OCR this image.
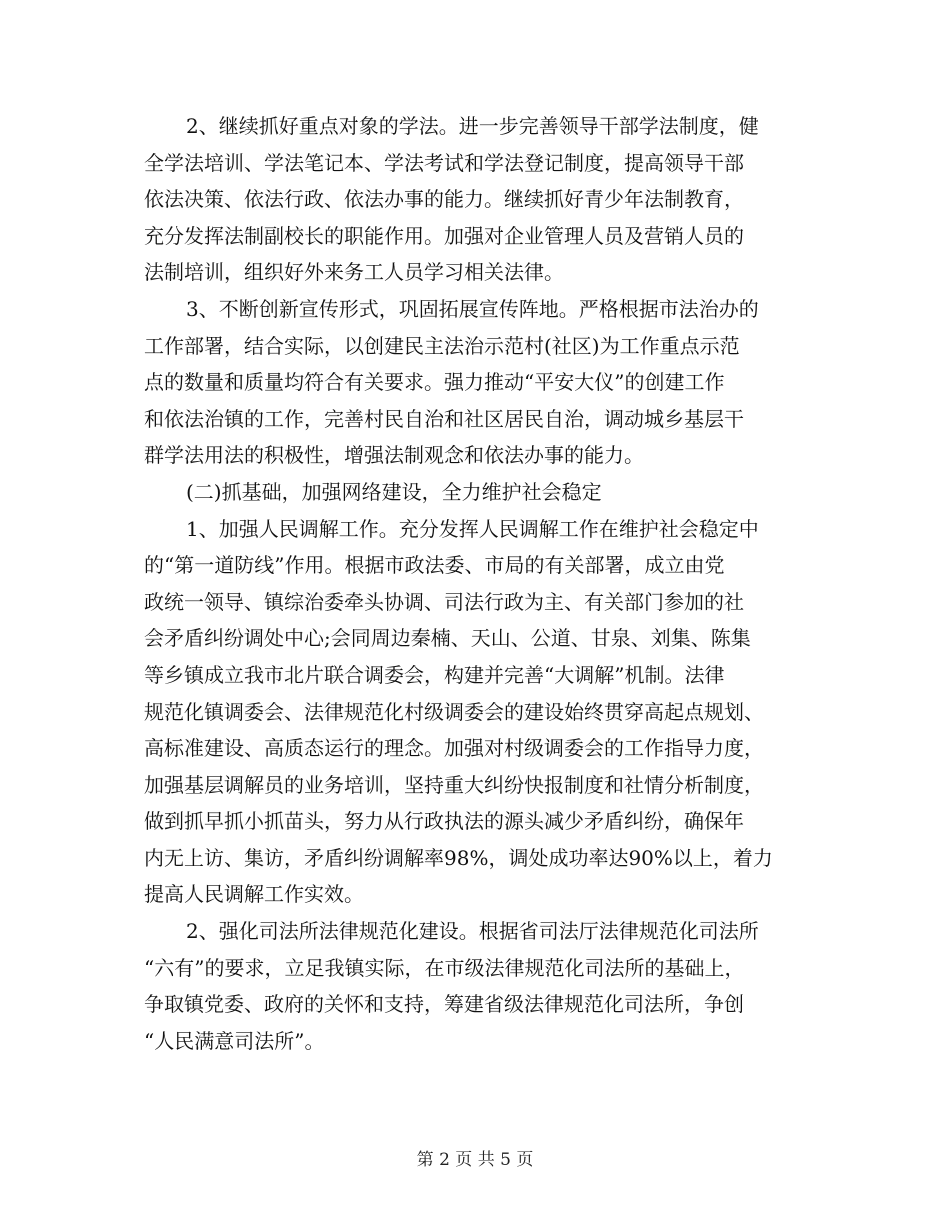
2、继续抓好重点对象的学法。进一步完善领导干部学法制度，健
全学法培训、学法笔记本、学法考试和学法登记制度，提高领导干部
依法决策、依法行政、依法办事的能力。继续抓好青少年法制教育，
充分发挥法制副校长的职能作用。加强对企业管理人员及营销人员的
法制培训，组织好外来务工人员学习相关法律。
3、不断创新宣传形式，巩固拓展宣传阵地。严格根据市法治办的
工作部署，结合实际，以创建民主法治示范村(社区)为工作重点示范
点的数量和质量均符合有关要求。强力推动“平安大仪”的创建工作
和依法治镇的工作，完善村民自治和社区居民自治，调动城乡基层干
群学法用法的积极性，增强法制观念和依法办事的能力。
(二)抓基础，加强网络建设，全力维护社会稳定
1、加强人民调解工作。充分发挥人民调解工作在维护社会稳定中
的“第一道防线”作用。根据市政法委、市局的有关部署，成立由党
政统一领导、镇综治委牵头协调、司法行政为主、有关部门参加的社
会矛盾纠纷调处中心;会同周边秦楠、天山、公道、甘泉、刘集、陈集
等乡镇成立我市北片联合调委会，构建并完善“大调解”机制。法律
规范化镇调委会、法律规范化村级调委会的建设始终贯穿高起点规划、
高标准建设、高质态运行的理念。加强对村级调委会的工作指导力度，
加强基层调解员的业务培训，坚持重大纠纷快报制度和社情分析制度，
做到抓早抓小抓苗头，努力从行政执法的源头减少矛盾纠纷，确保年
内无上访、集访，矛盾纠纷调解率98%，调处成功率达90%以上，着力
提高人民调解工作实效。
2、强化司法所法律规范化建设。根据省司法厅法律规范化司法所
“六有”的要求，立足我镇实际，在市级法律规范化司法所的基础上，
争取镇党委、政府的关怀和支持，筹建省级法律规范化司法所，争创
“人民满意司法所”。
第 2 页 共 5 页
